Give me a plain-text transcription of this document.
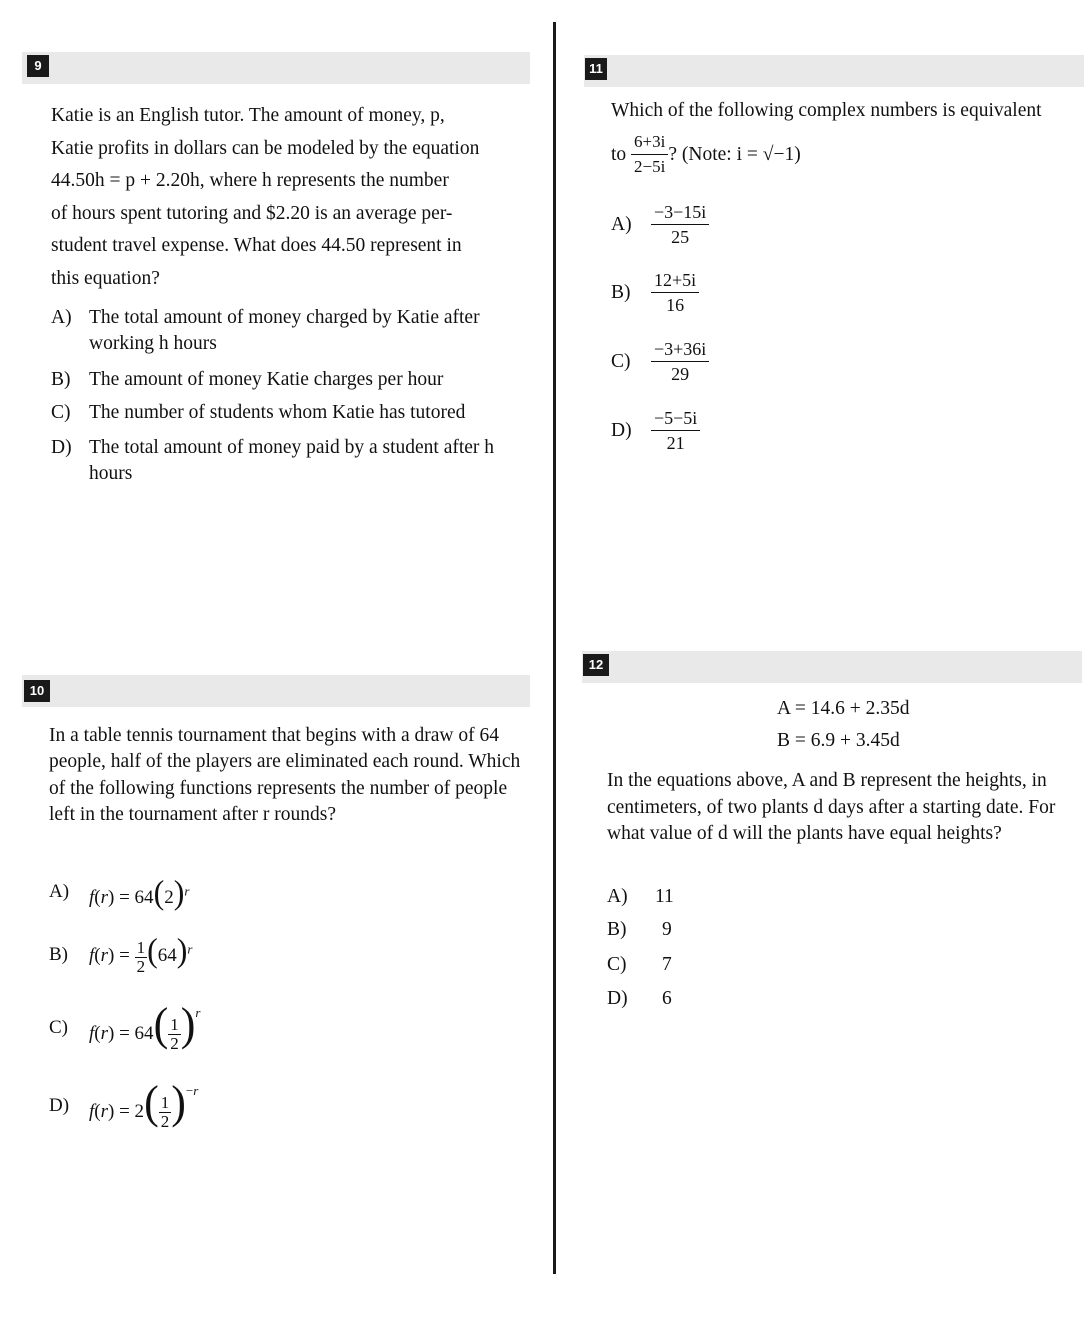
9
Katie is an English tutor. The amount of money, p,
Katie profits in dollars can be modeled by the equation
44.50h = p + 2.20h, where h represents the number
of hours spent tutoring and $2.20 is an average per-
student travel expense. What does 44.50 represent in
this equation?
A) The total amount of money charged by Katie after working h hours
B) The amount of money Katie charges per hour
C) The number of students whom Katie has tutored
D) The total amount of money paid by a student after h hours
10
In a table tennis tournament that begins with a draw of 64 people, half of the players are eliminated each round. Which of the following functions represents the number of people left in the tournament after r rounds?
A)	$f(r) = 64(2)^r$
B)	$f(r) = \frac{1}{2} (64)^r$
C)	$f(r) = 64( \frac{1}{2} )^r$
D)	$f(r) = 2( \frac{1}{2} )^{-r}$
11
Which of the following complex numbers is equivalent
to
$\frac{6+3i}{2-5i}$ ? (Note: i = √−1)
A)	$\frac{-3-15i}{25}$
B)	$\frac{12+5i}{16}$
C)	$\frac{-3+36i}{29}$
D)	$\frac{-5-5i}{21}$
12
A = 14.6 + 2.35d
B = 6.9 + 3.45d
In the equations above, A and B represent the heights, in centimeters, of two plants d days after a starting date. For what value of d will the plants have equal heights?
A) 11
B) 9
C) 7
D) 6
